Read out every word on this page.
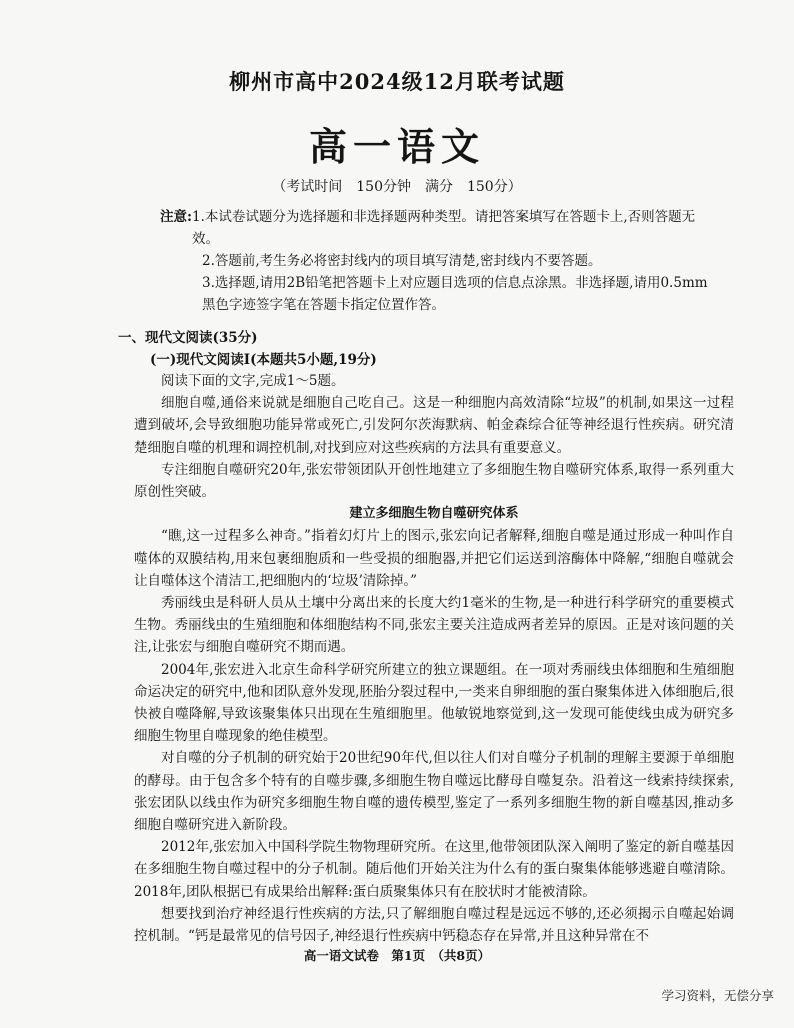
柳州市高中2024级12月联考试题
高一语文
（考试时间　150分钟　满分　150分）
注意: 1.本试卷试题分为选择题和非选择题两种类型。请把答案填写在答题卡上,否则答题无效。
2.答题前,考生务必将密封线内的项目填写清楚,密封线内不要答题。
3.选择题,请用2B铅笔把答题卡上对应题目选项的信息点涂黑。非选择题,请用0.5mm黑色字迹签字笔在答题卡指定位置作答。
一、现代文阅读(35分)
(一)现代文阅读Ⅰ(本题共5小题,19分)

阅读下面的文字,完成1～5题。

细胞自噬,通俗来说就是细胞自己吃自己。这是一种细胞内高效清除“垃圾”的机制,如果这一过程遭到破坏,会导致细胞功能异常或死亡,引发阿尔茨海默病、帕金森综合征等神经退行性疾病。研究清楚细胞自噬的机理和调控机制,对找到应对这些疾病的方法具有重要意义。

专注细胞自噬研究20年,张宏带领团队开创性地建立了多细胞生物自噬研究体系,取得一系列重大原创性突破。

建立多细胞生物自噬研究体系

“瞧,这一过程多么神奇。”指着幻灯片上的图示,张宏向记者解释,细胞自噬是通过形成一种叫作自噬体的双膜结构,用来包裹细胞质和一些受损的细胞器,并把它们运送到溶酶体中降解,“细胞自噬就会让自噬体这个清洁工,把细胞内的‘垃圾’清除掉。”

秀丽线虫是科研人员从土壤中分离出来的长度大约1毫米的生物,是一种进行科学研究的重要模式生物。秀丽线虫的生殖细胞和体细胞结构不同,张宏主要关注造成两者差异的原因。正是对该问题的关注,让张宏与细胞自噬研究不期而遇。

2004年,张宏进入北京生命科学研究所建立的独立课题组。在一项对秀丽线虫体细胞和生殖细胞命运决定的研究中,他和团队意外发现,胚胎分裂过程中,一类来自卵细胞的蛋白聚集体进入体细胞后,很快被自噬降解,导致该聚集体只出现在生殖细胞里。他敏锐地察觉到,这一发现可能使线虫成为研究多细胞生物里自噬现象的绝佳模型。

对自噬的分子机制的研究始于20世纪90年代,但以往人们对自噬分子机制的理解主要源于单细胞的酵母。由于包含多个特有的自噬步骤,多细胞生物自噬远比酵母自噬复杂。沿着这一线索持续探索,张宏团队以线虫作为研究多细胞生物自噬的遗传模型,鉴定了一系列多细胞生物的新自噬基因,推动多细胞自噬研究进入新阶段。

2012年,张宏加入中国科学院生物物理研究所。在这里,他带领团队深入阐明了鉴定的新自噬基因在多细胞生物自噬过程中的分子机制。随后他们开始关注为什么有的蛋白聚集体能够逃避自噬清除。2018年,团队根据已有成果给出解释:蛋白质聚集体只有在胶状时才能被清除。

想要找到治疗神经退行性疾病的方法,只了解细胞自噬过程是远远不够的,还必须揭示自噬起始调控机制。“钙是最常见的信号因子,神经退行性疾病中钙稳态存在异常,并且这种异常在不

高一语文试卷　第1页　（共8页）
学习资料，无偿分享
